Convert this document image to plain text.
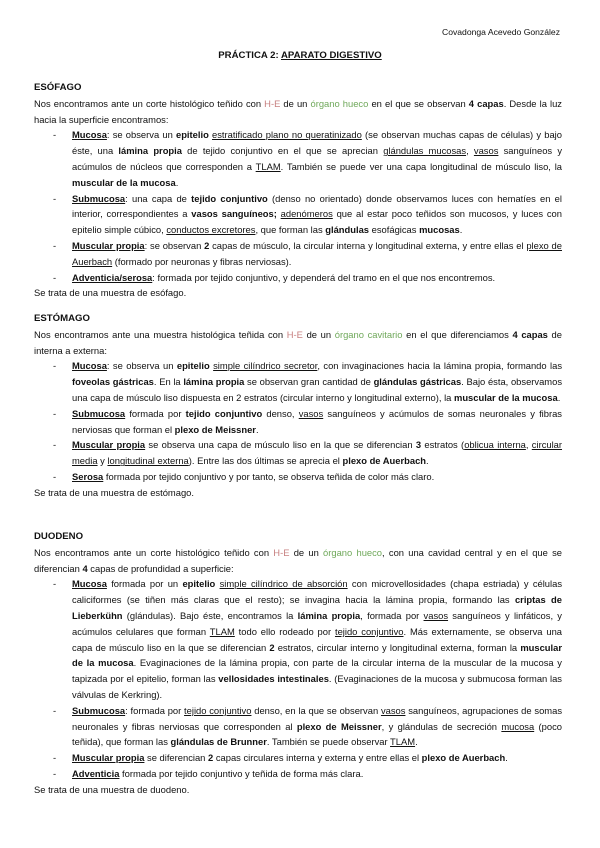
Covadonga Acevedo González
PRÁCTICA 2: APARATO DIGESTIVO

ESÓFAGO

Nos encontramos ante un corte histológico teñido con H-E de un órgano hueco en el que se observan 4 capas. Desde la luz hacia la superficie encontramos:

- Mucosa: se observa un epitelio estratificado plano no queratinizado (se observan muchas capas de células) y bajo éste, una lámina propia de tejido conjuntivo en el que se aprecian glándulas mucosas, vasos sanguíneos y acúmulos de núcleos que corresponden a TLAM. También se puede ver una capa longitudinal de músculo liso, la muscular de la mucosa.
- Submucosa: una capa de tejido conjuntivo (denso no orientado) donde observamos luces con hematíes en el interior, correspondientes a vasos sanguíneos; adenómeros que al estar poco teñidos son mucosos, y luces con epitelio simple cúbico, conductos excretores, que forman las glándulas esofágicas mucosas.
- Muscular propia: se observan 2 capas de músculo, la circular interna y longitudinal externa, y entre ellas el plexo de Auerbach (formado por neuronas y fibras nerviosas).
- Adventicia/serosa: formada por tejido conjuntivo, y dependerá del tramo en el que nos encontremos.

Se trata de una muestra de esófago.

ESTÓMAGO

Nos encontramos ante una muestra histológica teñida con H-E de un órgano cavitario en el que diferenciamos 4 capas de interna a externa:

- Mucosa: se observa un epitelio simple cilíndrico secretor, con invaginaciones hacia la lámina propia, formando las foveolas gástricas. En la lámina propia se observan gran cantidad de glándulas gástricas. Bajo ésta, observamos una capa de músculo liso dispuesta en 2 estratos (circular interno y longitudinal externo), la muscular de la mucosa.
- Submucosa formada por tejido conjuntivo denso, vasos sanguíneos y acúmulos de somas neuronales y fibras nerviosas que forman el plexo de Meissner.
- Muscular propia se observa una capa de músculo liso en la que se diferencian 3 estratos (oblicua interna, circular media y longitudinal externa). Entre las dos últimas se aprecia el plexo de Auerbach.
- Serosa formada por tejido conjuntivo y por tanto, se observa teñida de color más claro.

Se trata de una muestra de estómago.

DUODENO

Nos encontramos ante un corte histológico teñido con H-E de un órgano hueco, con una cavidad central y en el que se diferencian 4 capas de profundidad a superficie:

- Mucosa formada por un epitelio simple cilíndrico de absorción con microvellosidades (chapa estriada) y células caliciformes (se tiñen más claras que el resto); se invagina hacia la lámina propia, formando las criptas de Lieberkühn (glándulas). Bajo éste, encontramos la lámina propia, formada por vasos sanguíneos y linfáticos, y acúmulos celulares que forman TLAM todo ello rodeado por tejido conjuntivo. Más externamente, se observa una capa de músculo liso en la que se diferencian 2 estratos, circular interno y longitudinal externa, forman la muscular de la mucosa. Evaginaciones de la lámina propia, con parte de la circular interna de la muscular de la mucosa y tapizada por el epitelio, forman las vellosidades intestinales. (Evaginaciones de la mucosa y submucosa forman las válvulas de Kerkring).
- Submucosa: formada por tejido conjuntivo denso, en la que se observan vasos sanguíneos, agrupaciones de somas neuronales y fibras nerviosas que corresponden al plexo de Meissner, y glándulas de secreción mucosa (poco teñida), que forman las glándulas de Brunner. También se puede observar TLAM.
- Muscular propia se diferencian 2 capas circulares interna y externa y entre ellas el plexo de Auerbach.
- Adventicia formada por tejido conjuntivo y teñida de forma más clara.

Se trata de una muestra de duodeno.
